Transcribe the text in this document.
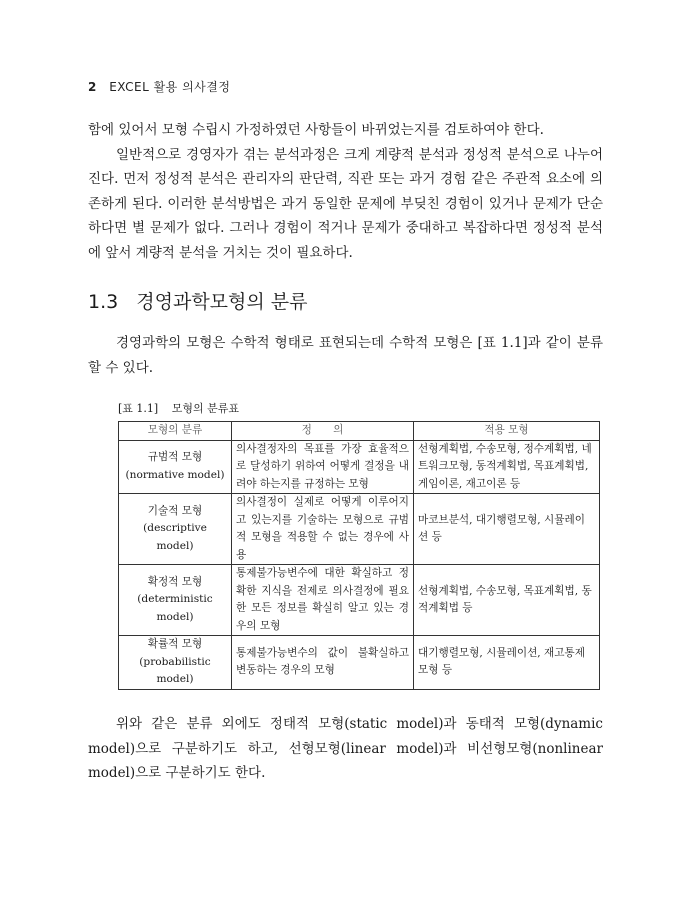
2 EXCEL 활용 의사결정

함에 있어서 모형 수립시 가정하였던 사항들이 바뀌었는지를 검토하여야 한다.

일반적으로 경영자가 겪는 분석과정은 크게 계량적 분석과 정성적 분석으로 나누어진다. 먼저 정성적 분석은 관리자의 판단력, 직관 또는 과거 경험 같은 주관적 요소에 의존하게 된다. 이러한 분석방법은 과거 동일한 문제에 부딪친 경험이 있거나 문제가 단순하다면 별 문제가 없다. 그러나 경험이 적거나 문제가 중대하고 복잡하다면 정성적 분석에 앞서 계량적 분석을 거치는 것이 필요하다.

1.3 경영과학모형의 분류

경영과학의 모형은 수학적 형태로 표현되는데 수학적 모형은 [표 1.1]과 같이 분류할 수 있다.

[표 1.1] 모형의 분류표
모형의 분류	정　　의	적용 모형

규범적 모형
(normative model)	의사결정자의 목표를 가장 효율적으로 달성하기 위하여 어떻게 결정을 내려야 하는지를 규정하는 모형	선형계획법, 수송모형, 정수계획법, 네트워크모형, 동적계획법, 목표계획법, 게임이론, 재고이론 등

기술적 모형
(descriptive model)	의사결정이 실제로 어떻게 이루어지고 있는지를 기술하는 모형으로 규범적 모형을 적용할 수 없는 경우에 사용	마코브분석, 대기행렬모형, 시뮬레이션 등

확정적 모형
(deterministic model)	통제불가능변수에 대한 확실하고 정확한 지식을 전제로 의사결정에 필요한 모든 정보를 확실히 알고 있는 경우의 모형	선형계획법, 수송모형, 목표계획법, 동적계획법 등

확률적 모형
(probabilistic model)	통제불가능변수의 값이 불확실하고 변동하는 경우의 모형	대기행렬모형, 시뮬레이션, 재고통제모형 등

위와 같은 분류 외에도 정태적 모형(static model)과 동태적 모형(dynamic model)으로 구분하기도 하고, 선형모형(linear model)과 비선형모형(nonlinear model)으로 구분하기도 한다.
